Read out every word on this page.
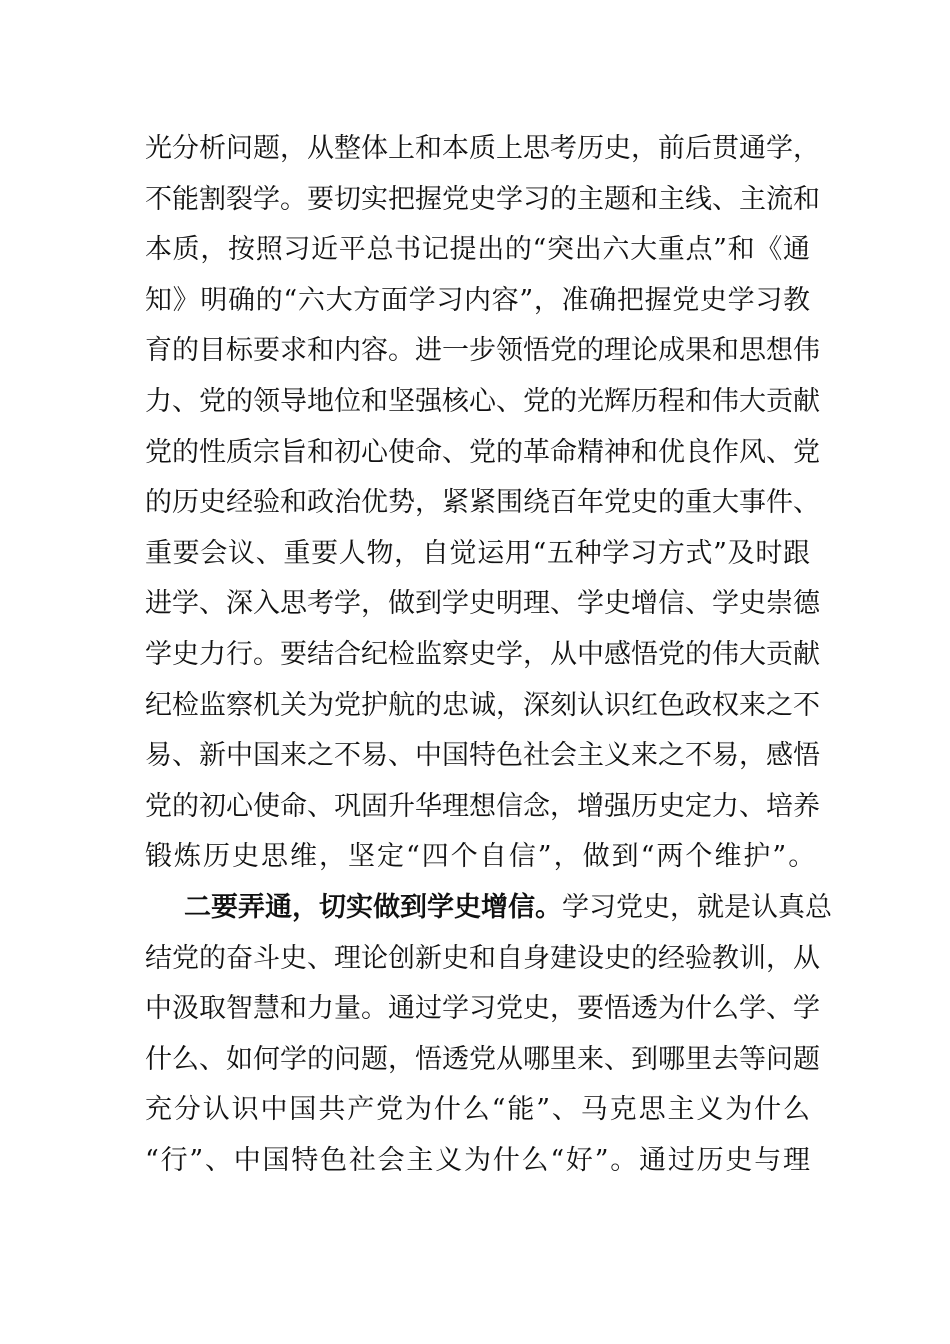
光分析问题，从整体上和本质上思考历史，前后贯通学，
不能割裂学。要切实把握党史学习的主题和主线、主流和
本质，按照习近平总书记提出的“突出六大重点”和《通
知》明确的“六大方面学习内容”，准确把握党史学习教
育的目标要求和内容。进一步领悟党的理论成果和思想伟
力、党的领导地位和坚强核心、党的光辉历程和伟大贡献
党的性质宗旨和初心使命、党的革命精神和优良作风、党
的历史经验和政治优势，紧紧围绕百年党史的重大事件、
重要会议、重要人物，自觉运用“五种学习方式”及时跟
进学、深入思考学，做到学史明理、学史增信、学史崇德
学史力行。要结合纪检监察史学，从中感悟党的伟大贡献
纪检监察机关为党护航的忠诚，深刻认识红色政权来之不
易、新中国来之不易、中国特色社会主义来之不易，感悟
党的初心使命、巩固升华理想信念，增强历史定力、培养
锻炼历史思维，坚定“四个自信”，做到“两个维护”。
二要弄通，切实做到学史增信。学习党史，就是认真总
结党的奋斗史、理论创新史和自身建设史的经验教训，从
中汲取智慧和力量。通过学习党史，要悟透为什么学、学
什么、如何学的问题，悟透党从哪里来、到哪里去等问题
充分认识中国共产党为什么“能”、马克思主义为什么
“行”、中国特色社会主义为什么“好”。通过历史与理
